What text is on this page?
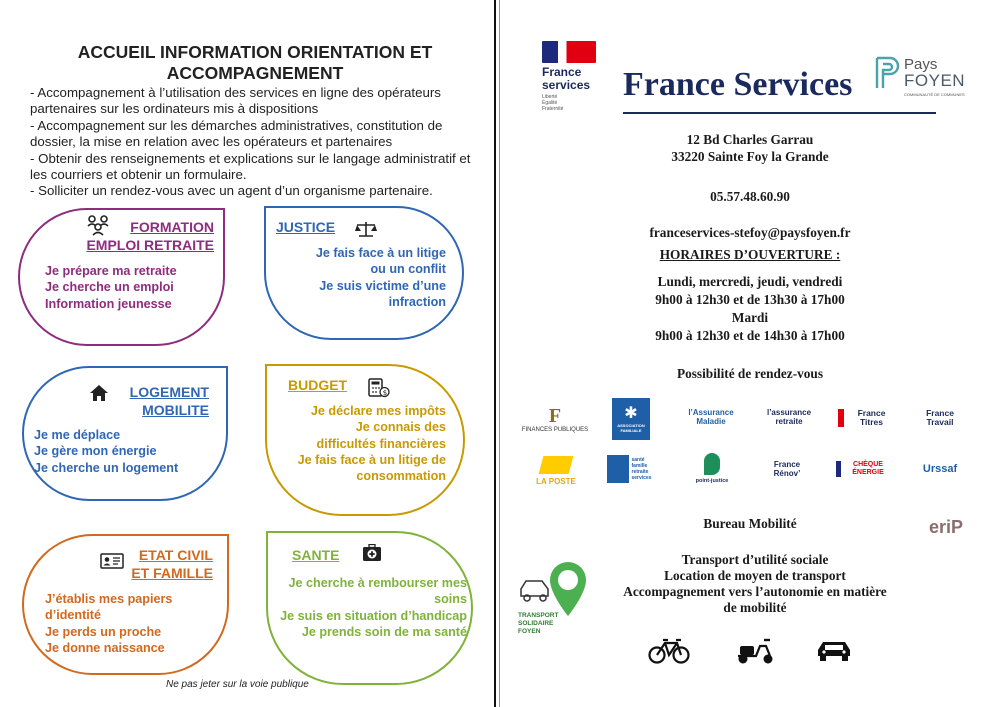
ACCUEIL INFORMATION ORIENTATION ET ACCOMPAGNEMENT
- Accompagnement à l’utilisation des services en ligne des opérateurs partenaires sur les ordinateurs mis à dispositions
- Accompagnement sur les démarches administratives, constitution de dossier, la mise en relation avec les opérateurs et partenaires
- Obtenir des renseignements et explications sur le langage administratif et les courriers et obtenir un formulaire.
- Solliciter un rendez-vous avec un agent d’un organisme partenaire.
FORMATION
EMPLOI RETRAITE
Je prépare ma retraite
Je cherche un emploi
Information jeunesse
JUSTICE
Je fais face à un litige
ou un conflit
Je suis victime d’une
infraction
LOGEMENT
MOBILITE
Je me déplace
Je gère mon énergie
Je cherche un logement
BUDGET	$
Je déclare mes impôts
Je connais des
difficultés financières
Je fais face à un litige de
consommation
ETAT CIVIL
ET FAMILLE
J’établis mes papiers
d’identité
Je perds un proche
Je donne naissance
SANTE
Je cherche à rembourser mes
soins
Je suis en situation d’handicap
Je prends soin de ma santé
Ne pas jeter sur la voie publique
France
services
Liberté Égalité Fraternité
France Services
Pays
FOYEN
COMMUNAUTÉ DE COMMUNES
12 Bd Charles Garrau
33220 Sainte Foy la Grande
05.57.48.60.90
franceservices-stefoy@paysfoyen.fr
HORAIRES D’OUVERTURE :
Lundi, mercredi, jeudi, vendredi
9h00 à 12h30 et de 13h30 à 17h00
Mardi
9h00 à 12h30 et de 14h30 à 17h00
Possibilité de rendez-vous
F
FINANCES PUBLIQUES
✱
ASSOCIATION FAMILIALE
l’Assurance Maladie
l’assurance retraite
France Titres
France Travail
LA POSTE
santé famille retraite services	point-justice
France Rénov’
CHÈQUE ÉNERGIE	Urssaf
Bureau Mobilité	eriP
TRANSPORT SOLIDAIRE FOYEN
Transport d’utilité sociale
Location de moyen de transport
Accompagnement vers l’autonomie en matière
de mobilité
